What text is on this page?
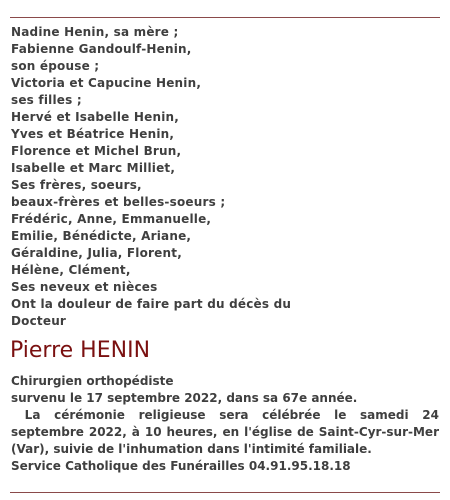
Nadine Henin, sa mère ;
Fabienne Gandoulf-Henin,
son épouse ;
Victoria et Capucine Henin,
ses filles ;
Hervé et Isabelle Henin,
Yves et Béatrice Henin,
Florence et Michel Brun,
Isabelle et Marc Milliet,
Ses frères, soeurs,
beaux-frères et belles-soeurs ;
Frédéric, Anne, Emmanuelle,
Emilie, Bénédicte, Ariane,
Géraldine, Julia, Florent,
Hélène, Clément,
Ses neveux et nièces
Ont la douleur de faire part du décès du
Docteur
Pierre HENIN

Chirurgien orthopédiste

survenu le 17 septembre 2022, dans sa 67e année.

La cérémonie religieuse sera célébrée le samedi 24 septembre 2022, à 10 heures, en l'église de Saint-Cyr-sur-Mer (Var), suivie de l'inhumation dans l'intimité familiale.

Service Catholique des Funérailles 04.91.95.18.18
